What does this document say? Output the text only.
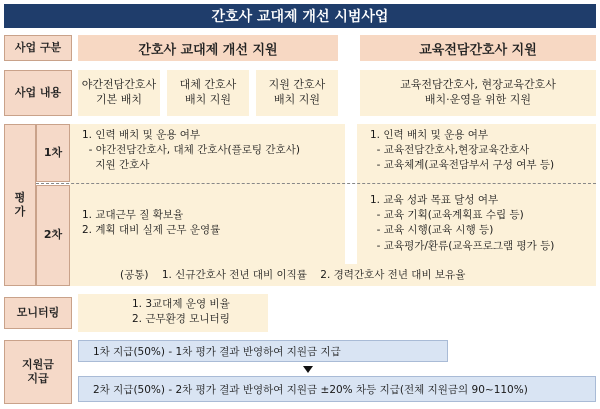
간호사 교대제 개선 시범사업
사업 구분	간호사 교대제 개선 지원	교육전담간호사 지원
사업 내용
야간전담간호사
기본 배치
대체 간호사
배치 지원
지원 간호사
배치 지원
교육전담간호사, 현장교육간호사
배치·운영을 위한 지원
평
가
1차
2차
1. 인력 배치 및 운용 여부
- 야간전담간호사, 대체 간호사(플로팅 간호사)
지원 간호사
1. 인력 배치 및 운용 여부
- 교육전담간호사,현장교육간호사
- 교육체계(교육전담부서 구성 여부 등)
1. 교대근무 질 확보율
2. 계획 대비 실제 근무 운영률
1. 교육 성과 목표 달성 여부
- 교육 기획(교육계획표 수립 등)
- 교육 시행(교육 시행 등)
- 교육평가/환류(교육프로그램 평가 등)
(공통)    1. 신규간호사 전년 대비 이직률    2. 경력간호사 전년 대비 보유율
모니터링
1. 3교대제 운영 비율
2. 근무환경 모니터링
지원금
지급
1차 지급(50%) - 1차 평가 결과 반영하여 지원금 지급
2차 지급(50%) - 2차 평가 결과 반영하여 지원금 ±20% 차등 지급(전체 지원금의 90~110%)
